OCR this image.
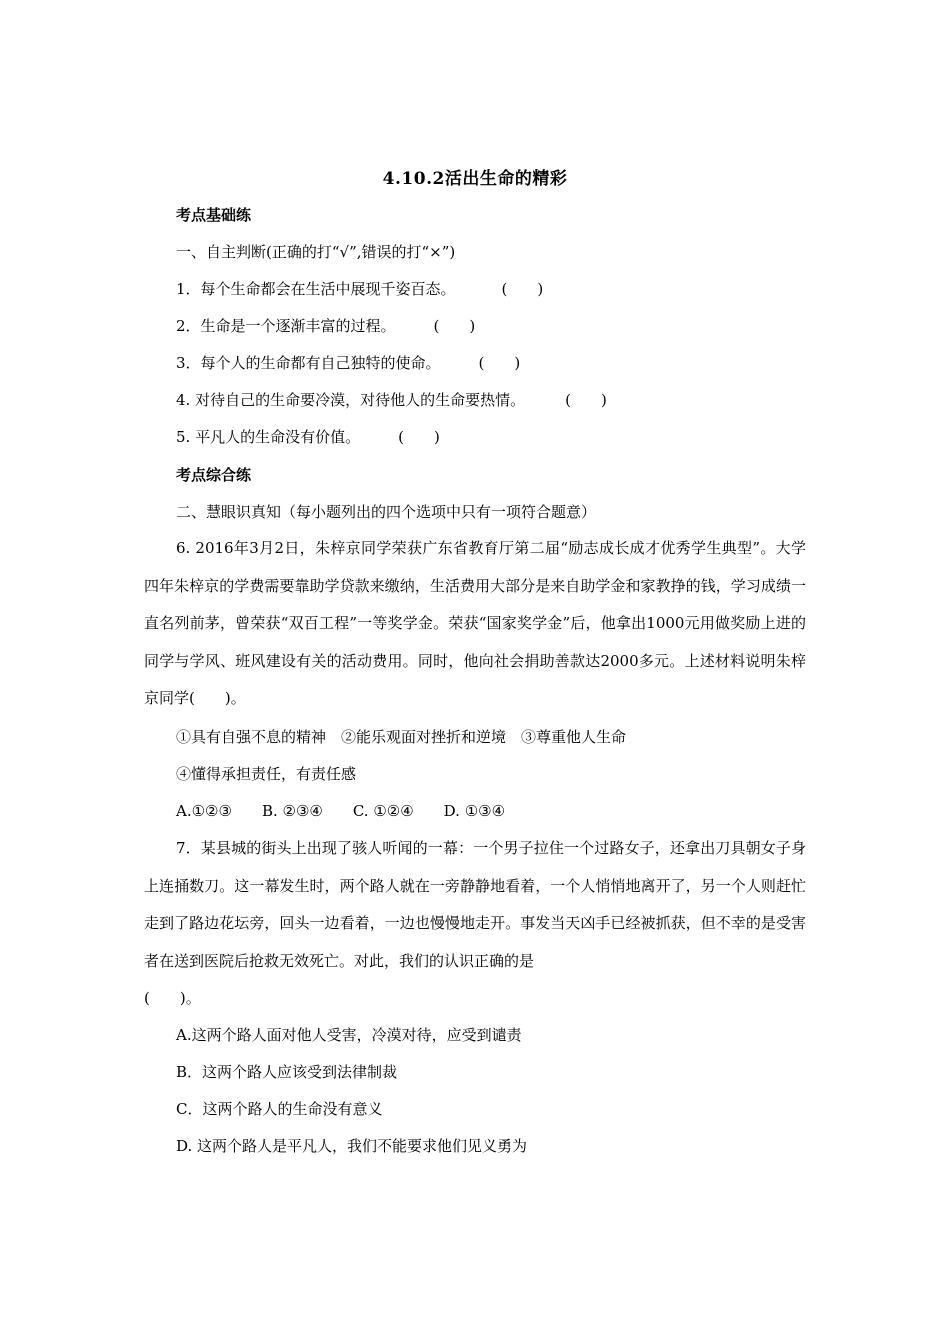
4.10.2活出生命的精彩
考点基础练
一、自主判断(正确的打“√”,错误的打“×”)
1．每个生命都会在生活中展现千姿百态。	(　　)
2．生命是一个逐渐丰富的过程。	(　　)
3．每个人的生命都有自己独特的使命。	(　　)
4. 对待自己的生命要冷漠，对待他人的生命要热情。	(　　)
5. 平凡人的生命没有价值。	(　　)
考点综合练
二、慧眼识真知（每小题列出的四个选项中只有一项符合题意）
6. 2016年3月2日，朱梓京同学荣获广东省教育厅第二届“励志成长成才优秀学生典型”。大学四年朱梓京的学费需要靠助学贷款来缴纳，生活费用大部分是来自助学金和家教挣的钱，学习成绩一直名列前茅，曾荣获“双百工程”一等奖学金。荣获“国家奖学金”后，他拿出1000元用做奖励上进的同学与学风、班风建设有关的活动费用。同时，他向社会捐助善款达2000多元。上述材料说明朱梓京同学(　　)。
①具有自强不息的精神　②能乐观面对挫折和逆境　③尊重他人生命
④懂得承担责任，有责任感
A.①②③　　B. ②③④　　C. ①②④　　D. ①③④
7．某县城的街头上出现了骇人听闻的一幕：一个男子拉住一个过路女子，还拿出刀具朝女子身上连捅数刀。这一幕发生时，两个路人就在一旁静静地看着，一个人悄悄地离开了，另一个人则赶忙走到了路边花坛旁，回头一边看着，一边也慢慢地走开。事发当天凶手已经被抓获，但不幸的是受害者在送到医院后抢救无效死亡。对此，我们的认识正确的是
(　　)。
A.这两个路人面对他人受害，冷漠对待，应受到谴责
B．这两个路人应该受到法律制裁
C．这两个路人的生命没有意义
D. 这两个路人是平凡人，我们不能要求他们见义勇为
